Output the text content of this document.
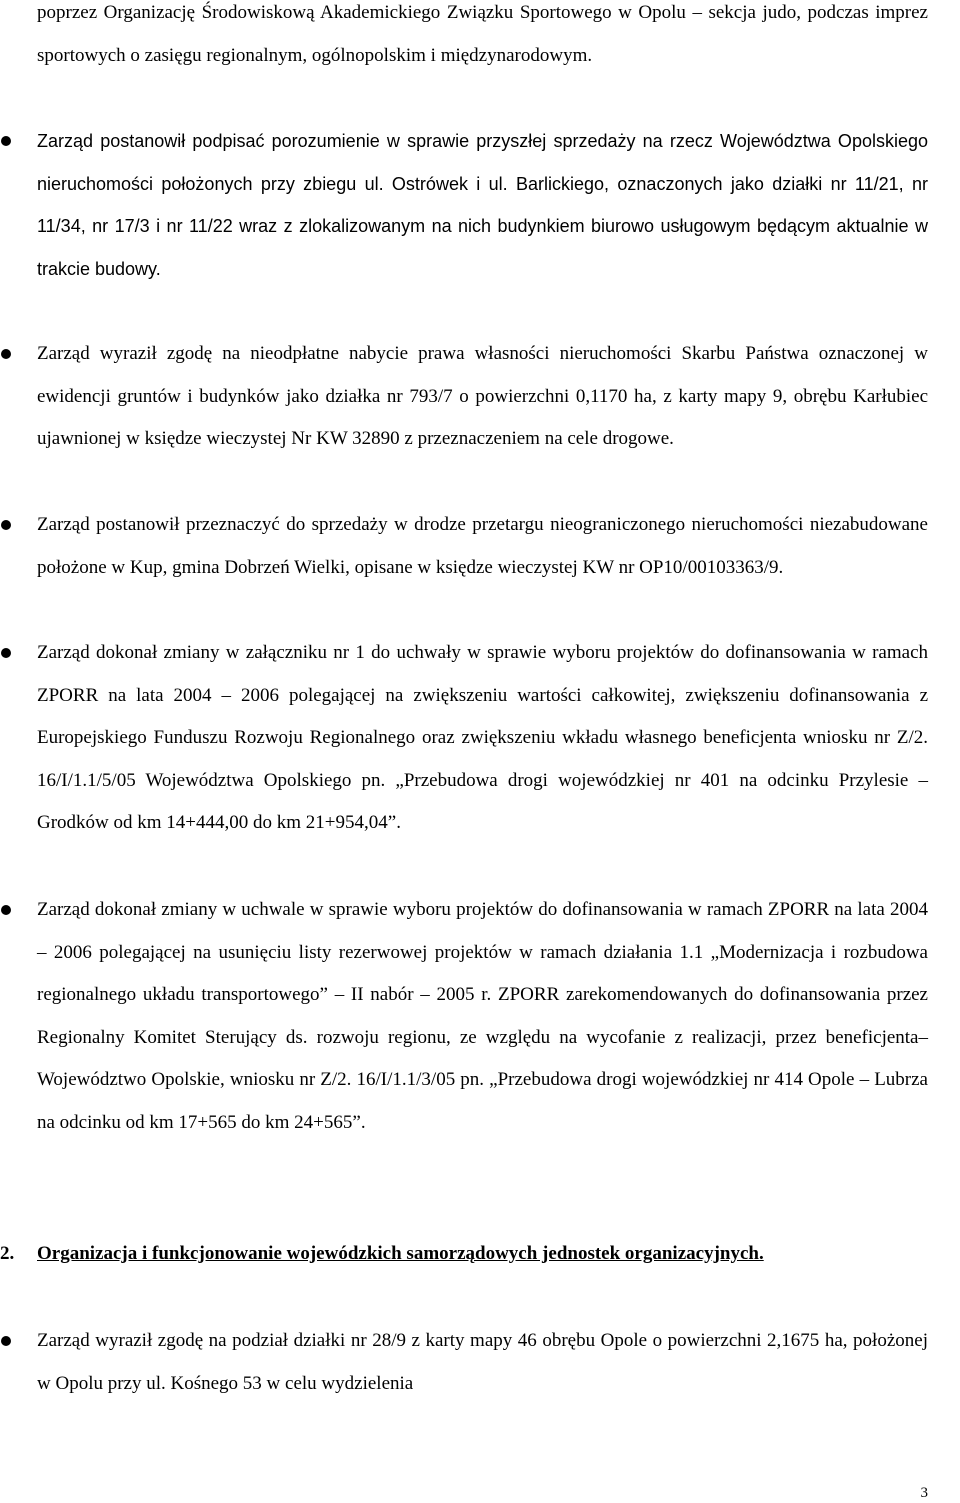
poprzez Organizację Środowiskową Akademickiego Związku Sportowego w Opolu – sekcja judo, podczas imprez sportowych o zasięgu regionalnym, ogólnopolskim i międzynarodowym.
Zarząd postanowił podpisać porozumienie w sprawie przyszłej sprzedaży na rzecz Województwa Opolskiego nieruchomości położonych przy zbiegu ul. Ostrówek i ul. Barlickiego, oznaczonych jako działki nr 11/21, nr 11/34, nr 17/3 i nr 11/22 wraz z zlokalizowanym na nich budynkiem biurowo usługowym będącym aktualnie w trakcie budowy.
Zarząd wyraził zgodę na nieodpłatne nabycie prawa własności nieruchomości Skarbu Państwa oznaczonej w ewidencji gruntów i budynków jako działka nr 793/7 o powierzchni 0,1170 ha, z karty mapy 9, obrębu Karłubiec ujawnionej w księdze wieczystej Nr KW 32890 z przeznaczeniem na cele drogowe.
Zarząd postanowił przeznaczyć do sprzedaży w drodze przetargu nieograniczonego nieruchomości niezabudowane położone w Kup, gmina Dobrzeń Wielki, opisane w księdze wieczystej KW nr OP10/00103363/9.
Zarząd dokonał zmiany w załączniku nr 1 do uchwały w sprawie wyboru projektów do dofinansowania w ramach ZPORR na lata 2004 – 2006 polegającej na zwiększeniu wartości całkowitej, zwiększeniu dofinansowania z Europejskiego Funduszu Rozwoju Regionalnego oraz zwiększeniu wkładu własnego beneficjenta wniosku nr Z/2. 16/I/1.1/5/05 Województwa Opolskiego pn. „Przebudowa drogi wojewódzkiej nr 401 na odcinku Przylesie – Grodków od km 14+444,00 do km 21+954,04”.
Zarząd dokonał zmiany w uchwale w sprawie wyboru projektów do dofinansowania w ramach ZPORR na lata 2004 – 2006 polegającej na usunięciu listy rezerwowej projektów w ramach działania 1.1 „Modernizacja i rozbudowa regionalnego układu transportowego” – II nabór – 2005 r. ZPORR zarekomendowanych do dofinansowania przez Regionalny Komitet Sterujący ds. rozwoju regionu, ze względu na wycofanie z realizacji, przez beneficjenta– Województwo Opolskie, wniosku nr Z/2. 16/I/1.1/3/05 pn. „Przebudowa drogi wojewódzkiej nr 414 Opole – Lubrza na odcinku od km 17+565 do km 24+565”.
2. Organizacja i funkcjonowanie wojewódzkich samorządowych jednostek organizacyjnych.
Zarząd wyraził zgodę na podział działki nr 28/9 z karty mapy 46 obrębu Opole o powierzchni 2,1675 ha, położonej w Opolu przy ul. Kośnego 53 w celu wydzielenia
3
